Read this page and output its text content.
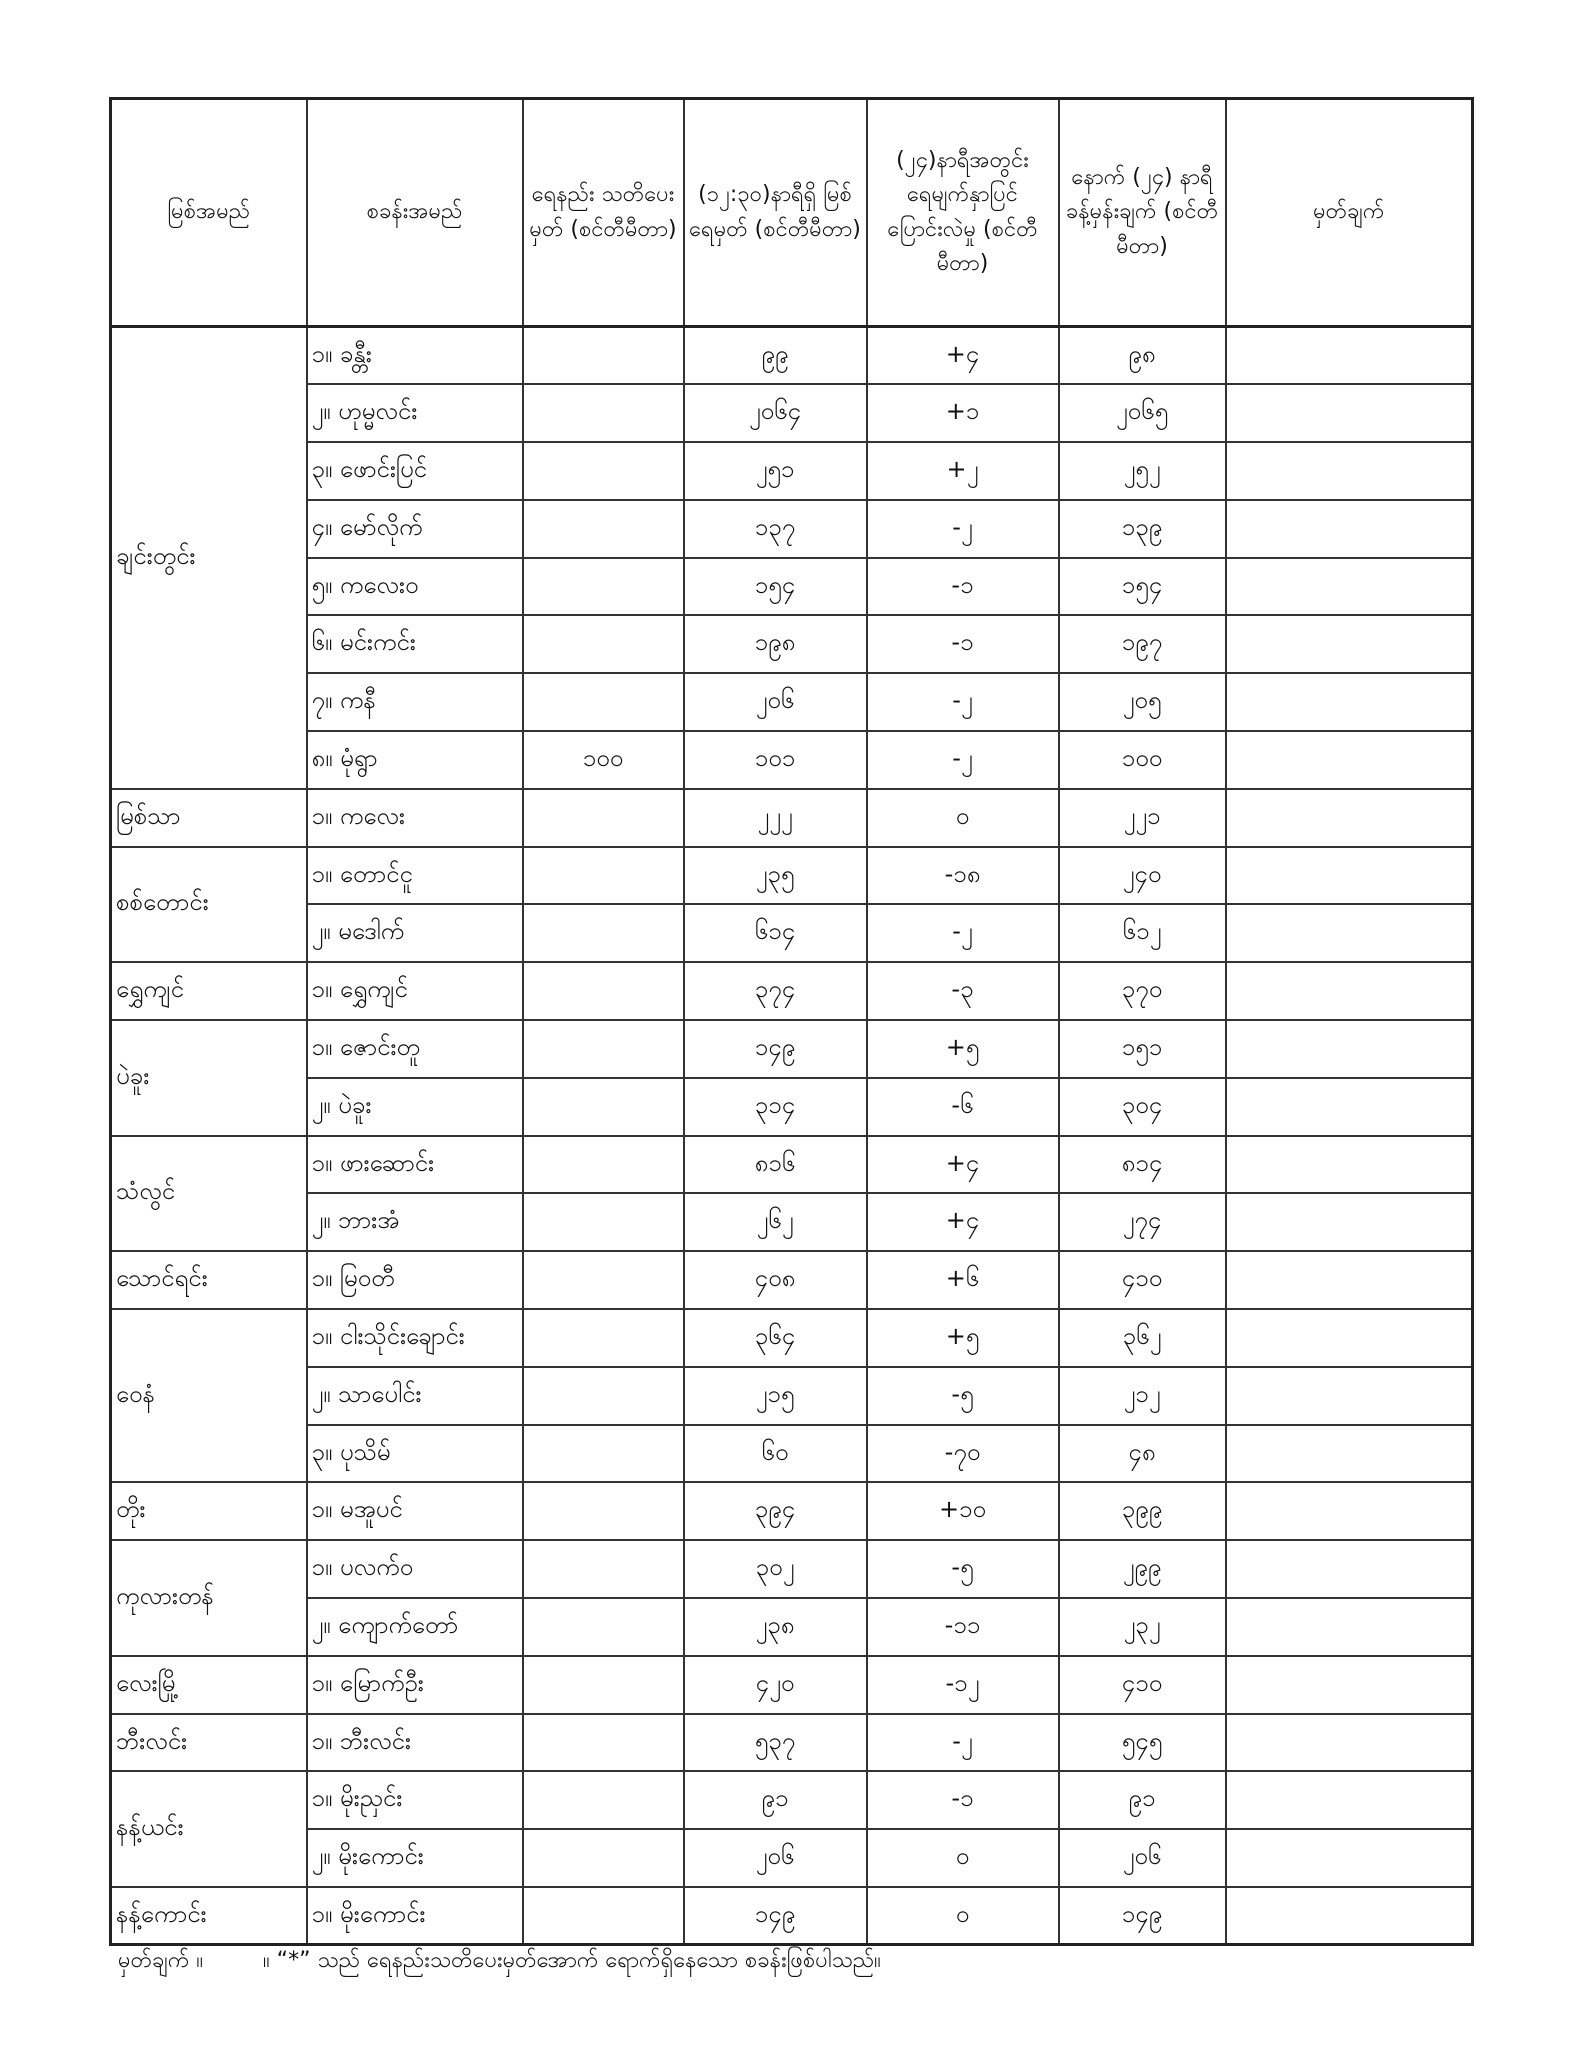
မြစ်အမည်	စခန်းအမည်	ရေနည်း သတိပေးမှတ် (စင်တီမီတာ)	(၁၂:၃၀)နာရီရှိ မြစ်ရေမှတ် (စင်တီမီတာ)	(၂၄)နာရီအတွင်း ရေမျက်နှာပြင် ပြောင်းလဲမှု (စင်တီမီတာ)	နောက် (၂၄) နာရီ ခန့်မှန်းချက် (စင်တီမီတာ)	မှတ်ချက်
ချင်းတွင်း	၁။ ခန္တီး		၉၉	+၄	၉၈	
	၂။ ဟုမ္မလင်း		၂၀၆၄	+၁	၂၀၆၅	
	၃။ ဖောင်းပြင်		၂၅၁	+၂	၂၅၂	
	၄။ မော်လိုက်		၁၃၇	-၂	၁၃၉	
	၅။ ကလေးဝ		၁၅၄	-၁	၁၅၄	
	၆။ မင်းကင်း		၁၉၈	-၁	၁၉၇	
	၇။ ကနီ		၂၀၆	-၂	၂၀၅	
	၈။ မုံရွာ	၁၀၀	၁၀၁	-၂	၁၀၀	
မြစ်သာ	၁။ ကလေး		၂၂၂	၀	၂၂၁	
စစ်တောင်း	၁။ တောင်ငူ		၂၃၅	-၁၈	၂၄၀	
	၂။ မဒေါက်		၆၁၄	-၂	၆၁၂	
ရွှေကျင်	၁။ ရွှေကျင်		၃၇၄	-၃	၃၇၀	
ပဲခူး	၁။ ဇောင်းတူ		၁၄၉	+၅	၁၅၁	
	၂။ ပဲခူး		၃၁၄	-၆	၃၀၄	
သံလွင်	၁။ ဖားဆောင်း		၈၁၆	+၄	၈၁၄	
	၂။ ဘားအံ		၂၆၂	+၄	၂၇၄	
သောင်ရင်း	၁။ မြဝတီ		၄၀၈	+၆	၄၁၀	
ဝေနံ	၁။ ငါးသိုင်းချောင်း		၃၆၄	+၅	၃၆၂	
	၂။ သာပေါင်း		၂၁၅	-၅	၂၁၂	
	၃။ ပုသိမ်		၆၀	-၇၀	၄၈	
တိုး	၁။ မအူပင်		၃၉၄	+၁၀	၃၉၉	
ကုလားတန်	၁။ ပလက်ဝ		၃၀၂	-၅	၂၉၉	
	၂။ ကျောက်တော်		၂၃၈	-၁၁	၂၃၂	
လေးမြို့	၁။ မြောက်ဦး		၄၂၀	-၁၂	၄၁၀	
ဘီးလင်း	၁။ ဘီးလင်း		၅၃၇	-၂	၅၄၅	
နန့်ယင်း	၁။ မိုးညှင်း		၉၁	-၁	၉၁	
	၂။ မိုးကောင်း		၂၀၆	၀	၂၀၆	
နန့်ကောင်း	၁။ မိုးကောင်း		၁၄၉	၀	၁၄၉	
မှတ်ချက် ။	။ “*” သည် ရေနည်းသတိပေးမှတ်အောက် ရောက်ရှိနေသော စခန်းဖြစ်ပါသည်။
